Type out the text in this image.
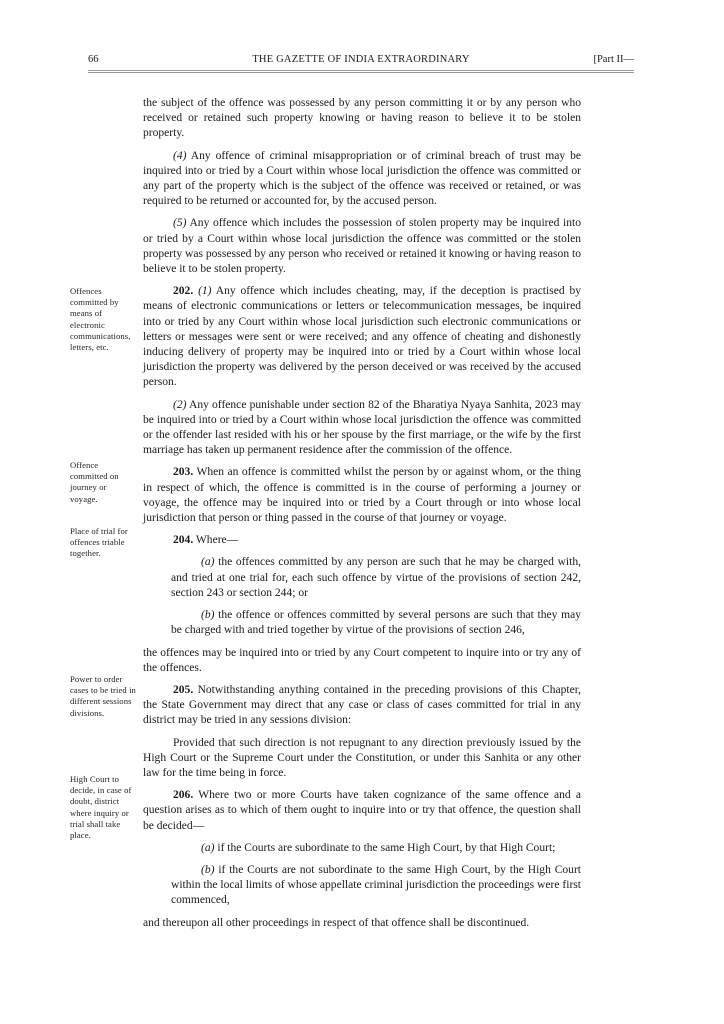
66	THE GAZETTE OF INDIA EXTRAORDINARY	[Part II—
Offences committed by means of electronic communications, letters, etc.
Offence committed on journey or voyage.
Place of trial for offences triable together.
Power to order cases to be tried in different sessions divisions.
High Court to decide, in case of doubt, district where inquiry or trial shall take place.

the subject of the offence was possessed by any person committing it or by any person who received or retained such property knowing or having reason to believe it to be stolen property.

(4) Any offence of criminal misappropriation or of criminal breach of trust may be inquired into or tried by a Court within whose local jurisdiction the offence was committed or any part of the property which is the subject of the offence was received or retained, or was required to be returned or accounted for, by the accused person.

(5) Any offence which includes the possession of stolen property may be inquired into or tried by a Court within whose local jurisdiction the offence was committed or the stolen property was possessed by any person who received or retained it knowing or having reason to believe it to be stolen property.

202. (1) Any offence which includes cheating, may, if the deception is practised by means of electronic communications or letters or telecommunication messages, be inquired into or tried by any Court within whose local jurisdiction such electronic communications or letters or messages were sent or were received; and any offence of cheating and dishonestly inducing delivery of property may be inquired into or tried by a Court within whose local jurisdiction the property was delivered by the person deceived or was received by the accused person.

(2) Any offence punishable under section 82 of the Bharatiya Nyaya Sanhita, 2023 may be inquired into or tried by a Court within whose local jurisdiction the offence was committed or the offender last resided with his or her spouse by the first marriage, or the wife by the first marriage has taken up permanent residence after the commission of the offence.

203. When an offence is committed whilst the person by or against whom, or the thing in respect of which, the offence is committed is in the course of performing a journey or voyage, the offence may be inquired into or tried by a Court through or into whose local jurisdiction that person or thing passed in the course of that journey or voyage.

204. Where—

(a) the offences committed by any person are such that he may be charged with, and tried at one trial for, each such offence by virtue of the provisions of section 242, section 243 or section 244; or

(b) the offence or offences committed by several persons are such that they may be charged with and tried together by virtue of the provisions of section 246,

the offences may be inquired into or tried by any Court competent to inquire into or try any of the offences.

205. Notwithstanding anything contained in the preceding provisions of this Chapter, the State Government may direct that any case or class of cases committed for trial in any district may be tried in any sessions division:

Provided that such direction is not repugnant to any direction previously issued by the High Court or the Supreme Court under the Constitution, or under this Sanhita or any other law for the time being in force.

206. Where two or more Courts have taken cognizance of the same offence and a question arises as to which of them ought to inquire into or try that offence, the question shall be decided—

(a) if the Courts are subordinate to the same High Court, by that High Court;

(b) if the Courts are not subordinate to the same High Court, by the High Court within the local limits of whose appellate criminal jurisdiction the proceedings were first commenced,

and thereupon all other proceedings in respect of that offence shall be discontinued.
